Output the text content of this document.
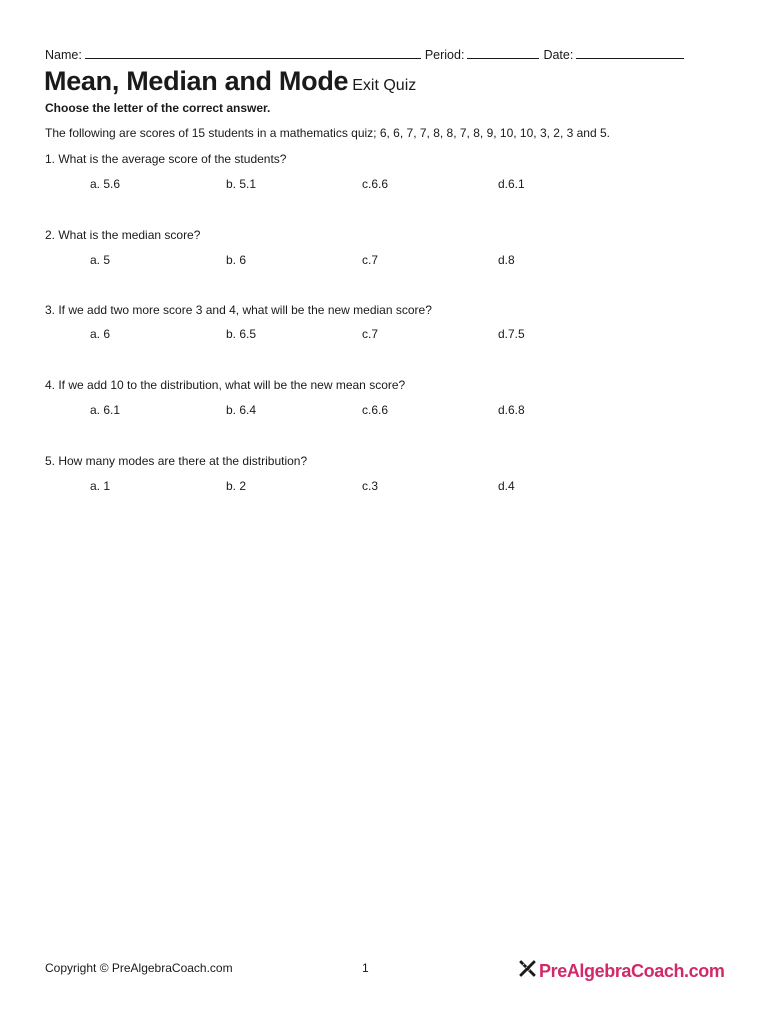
Name:	Period:	Date:
Mean, Median and Mode Exit Quiz
Choose the letter of the correct answer.
The following are scores of 15 students in a mathematics quiz; 6, 6, 7, 7, 8, 8, 7, 8, 9, 10, 10, 3, 2, 3 and 5.
1. What is the average score of the students?
a. 5.6	b. 5.1	c.6.6	d.6.1
2. What is the median score?
a. 5	b. 6	c.7	d.8
3. If we add two more score 3 and 4, what will be the new median score?
a. 6	b. 6.5	c.7	d.7.5
4. If we add 10 to the distribution, what will be the new mean score?
a. 6.1	b. 6.4	c.6.6	d.6.8
5. How many modes are there at the distribution?
a. 1	b. 2	c.3	d.4
Copyright © PreAlgebraCoach.com	1	PreAlgebraCoach.com
